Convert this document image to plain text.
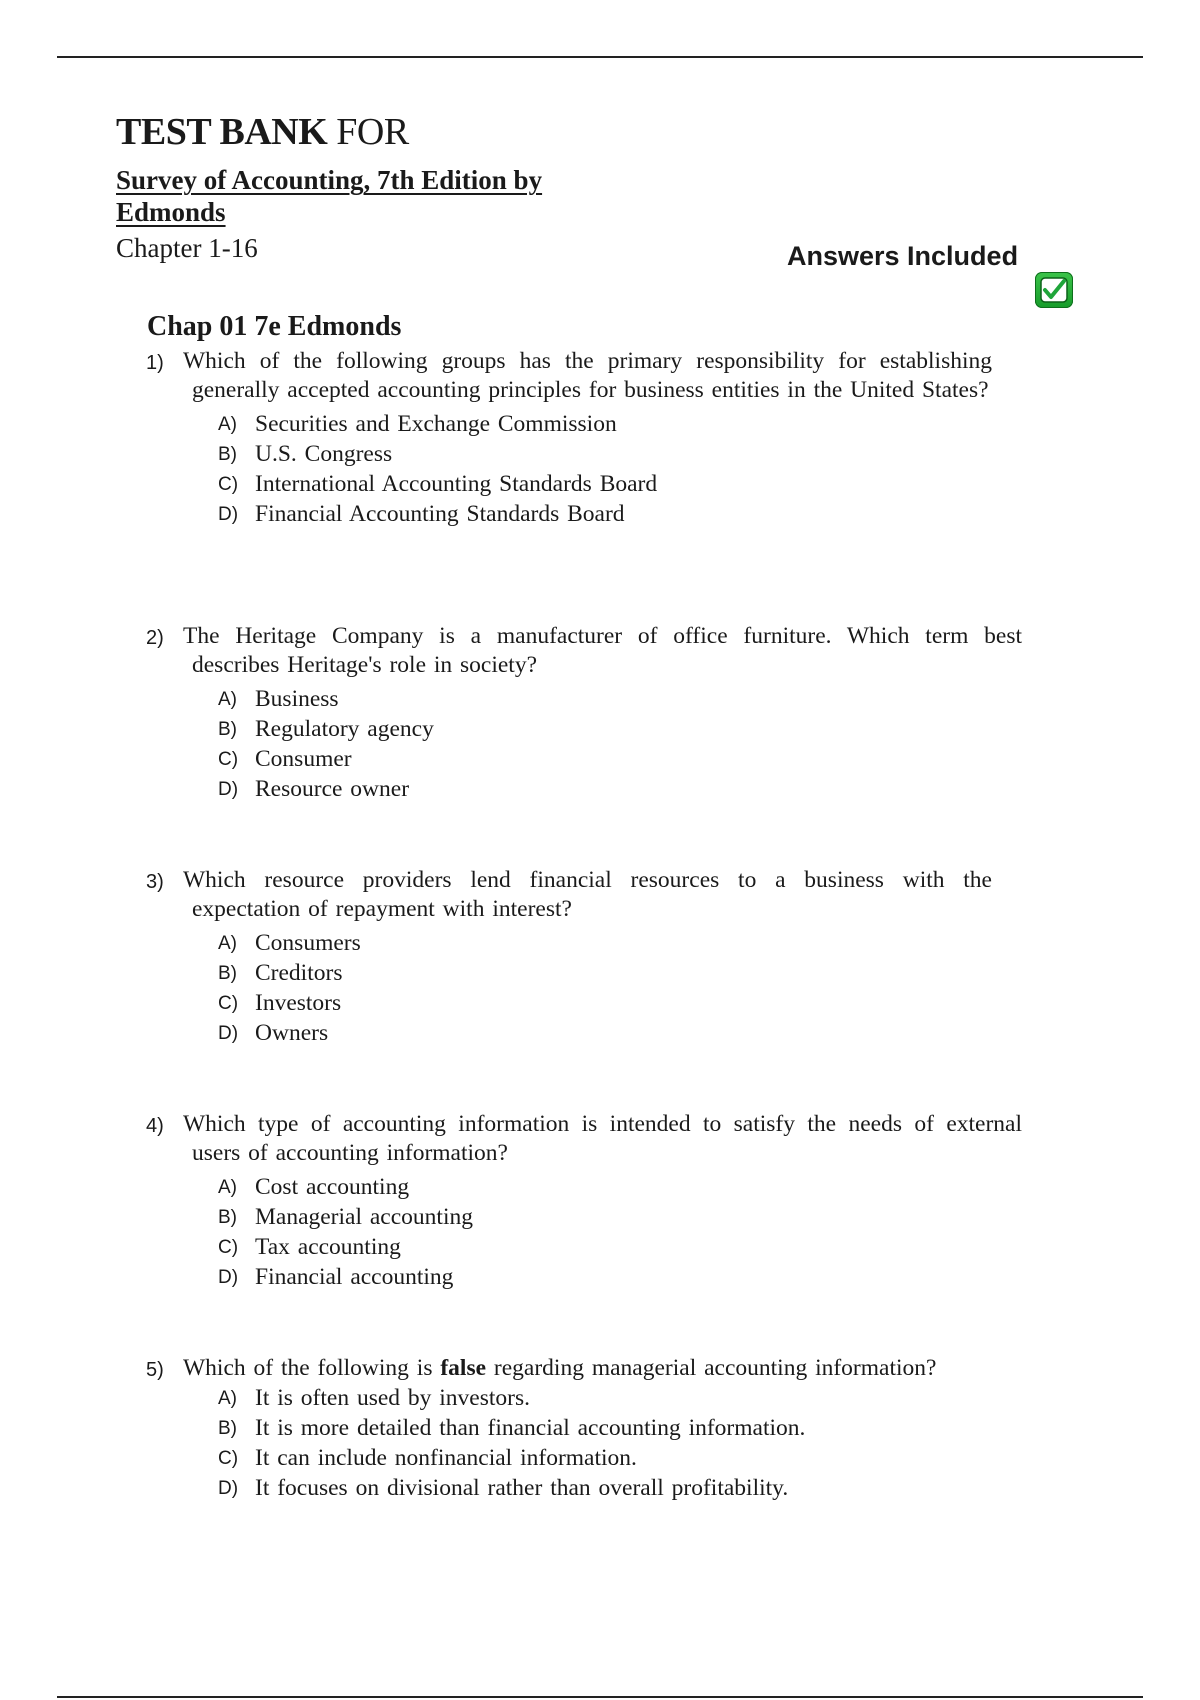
TEST BANK FOR
Survey of Accounting, 7th Edition by Edmonds
Chapter 1-16	Answers Included
Chap 01 7e Edmonds

1) Which of the following groups has the primary responsibility for establishing generally accepted accounting principles for business entities in the United States?

A) Securities and Exchange Commission
B) U.S. Congress
C) International Accounting Standards Board
D) Financial Accounting Standards Board

2) The Heritage Company is a manufacturer of office furniture. Which term best describes Heritage's role in society?

A) Business
B) Regulatory agency
C) Consumer
D) Resource owner

3) Which resource providers lend financial resources to a business with the expectation of repayment with interest?

A) Consumers
B) Creditors
C) Investors
D) Owners

4) Which type of accounting information is intended to satisfy the needs of external users of accounting information?

A) Cost accounting
B) Managerial accounting
C) Tax accounting
D) Financial accounting

5) Which of the following is false regarding managerial accounting information?

A) It is often used by investors.
B) It is more detailed than financial accounting information.
C) It can include nonfinancial information.
D) It focuses on divisional rather than overall profitability.
